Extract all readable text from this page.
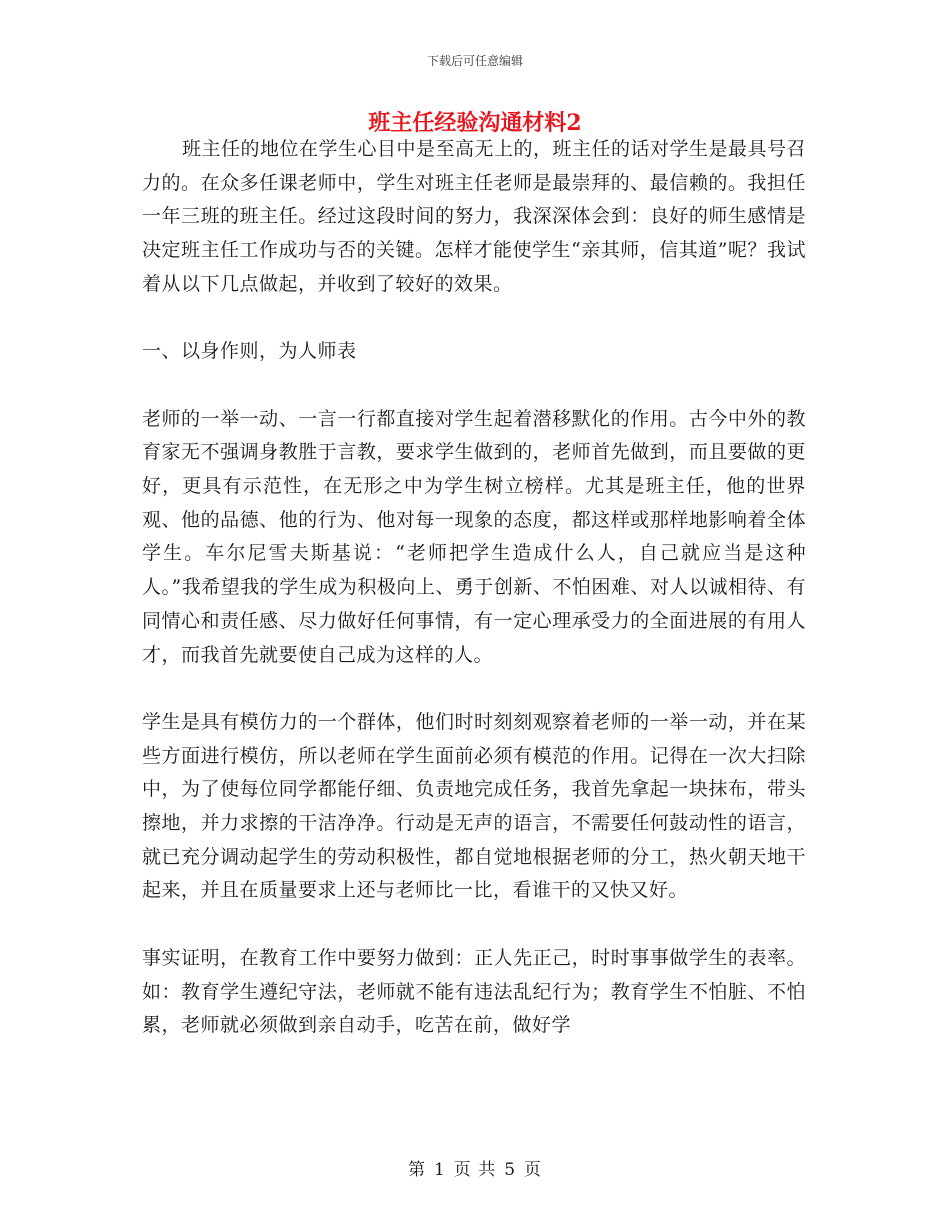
下载后可任意编辑
班主任经验沟通材料2

班主任的地位在学生心目中是至高无上的，班主任的话对学生是最具号召力的。在众多任课老师中，学生对班主任老师是最崇拜的、最信赖的。我担任一年三班的班主任。经过这段时间的努力，我深深体会到：良好的师生感情是决定班主任工作成功与否的关键。怎样才能使学生“亲其师，信其道”呢？我试着从以下几点做起，并收到了较好的效果。

一、以身作则，为人师表

老师的一举一动、一言一行都直接对学生起着潜移默化的作用。古今中外的教育家无不强调身教胜于言教，要求学生做到的，老师首先做到，而且要做的更好，更具有示范性，在无形之中为学生树立榜样。尤其是班主任，他的世界观、他的品德、他的行为、他对每一现象的态度，都这样或那样地影响着全体学生。车尔尼雪夫斯基说：“老师把学生造成什么人，自己就应当是这种人。”我希望我的学生成为积极向上、勇于创新、不怕困难、对人以诚相待、有同情心和责任感、尽力做好任何事情，有一定心理承受力的全面进展的有用人才，而我首先就要使自己成为这样的人。

学生是具有模仿力的一个群体，他们时时刻刻观察着老师的一举一动，并在某些方面进行模仿，所以老师在学生面前必须有模范的作用。记得在一次大扫除中，为了使每位同学都能仔细、负责地完成任务，我首先拿起一块抹布，带头擦地，并力求擦的干洁净净。行动是无声的语言，不需要任何鼓动性的语言，就已充分调动起学生的劳动积极性，都自觉地根据老师的分工，热火朝天地干起来，并且在质量要求上还与老师比一比，看谁干的又快又好。

事实证明，在教育工作中要努力做到：正人先正己，时时事事做学生的表率。如：教育学生遵纪守法，老师就不能有违法乱纪行为；教育学生不怕脏、不怕累，老师就必须做到亲自动手，吃苦在前，做好学

第 1 页 共 5 页
